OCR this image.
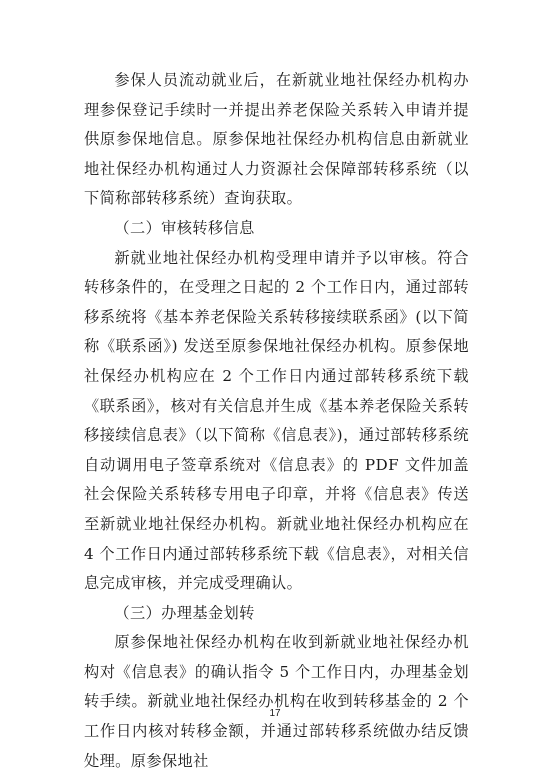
参保人员流动就业后，在新就业地社保经办机构办理参保登记手续时一并提出养老保险关系转入申请并提供原参保地信息。原参保地社保经办机构信息由新就业地社保经办机构通过人力资源社会保障部转移系统（以下简称部转移系统）查询获取。

（二）审核转移信息

新就业地社保经办机构受理申请并予以审核。符合转移条件的，在受理之日起的 2 个工作日内，通过部转移系统将《基本养老保险关系转移接续联系函》(以下简称《联系函》) 发送至原参保地社保经办机构。原参保地社保经办机构应在 2 个工作日内通过部转移系统下载《联系函》，核对有关信息并生成《基本养老保险关系转移接续信息表》（以下简称《信息表》)，通过部转移系统自动调用电子签章系统对《信息表》的 PDF 文件加盖社会保险关系转移专用电子印章，并将《信息表》传送至新就业地社保经办机构。新就业地社保经办机构应在 4 个工作日内通过部转移系统下载《信息表》，对相关信息完成审核，并完成受理确认。

（三）办理基金划转

原参保地社保经办机构在收到新就业地社保经办机构对《信息表》的确认指令 5 个工作日内，办理基金划转手续。新就业地社保经办机构在收到转移基金的 2 个工作日内核对转移金额，并通过部转移系统做办结反馈处理。原参保地社

17
